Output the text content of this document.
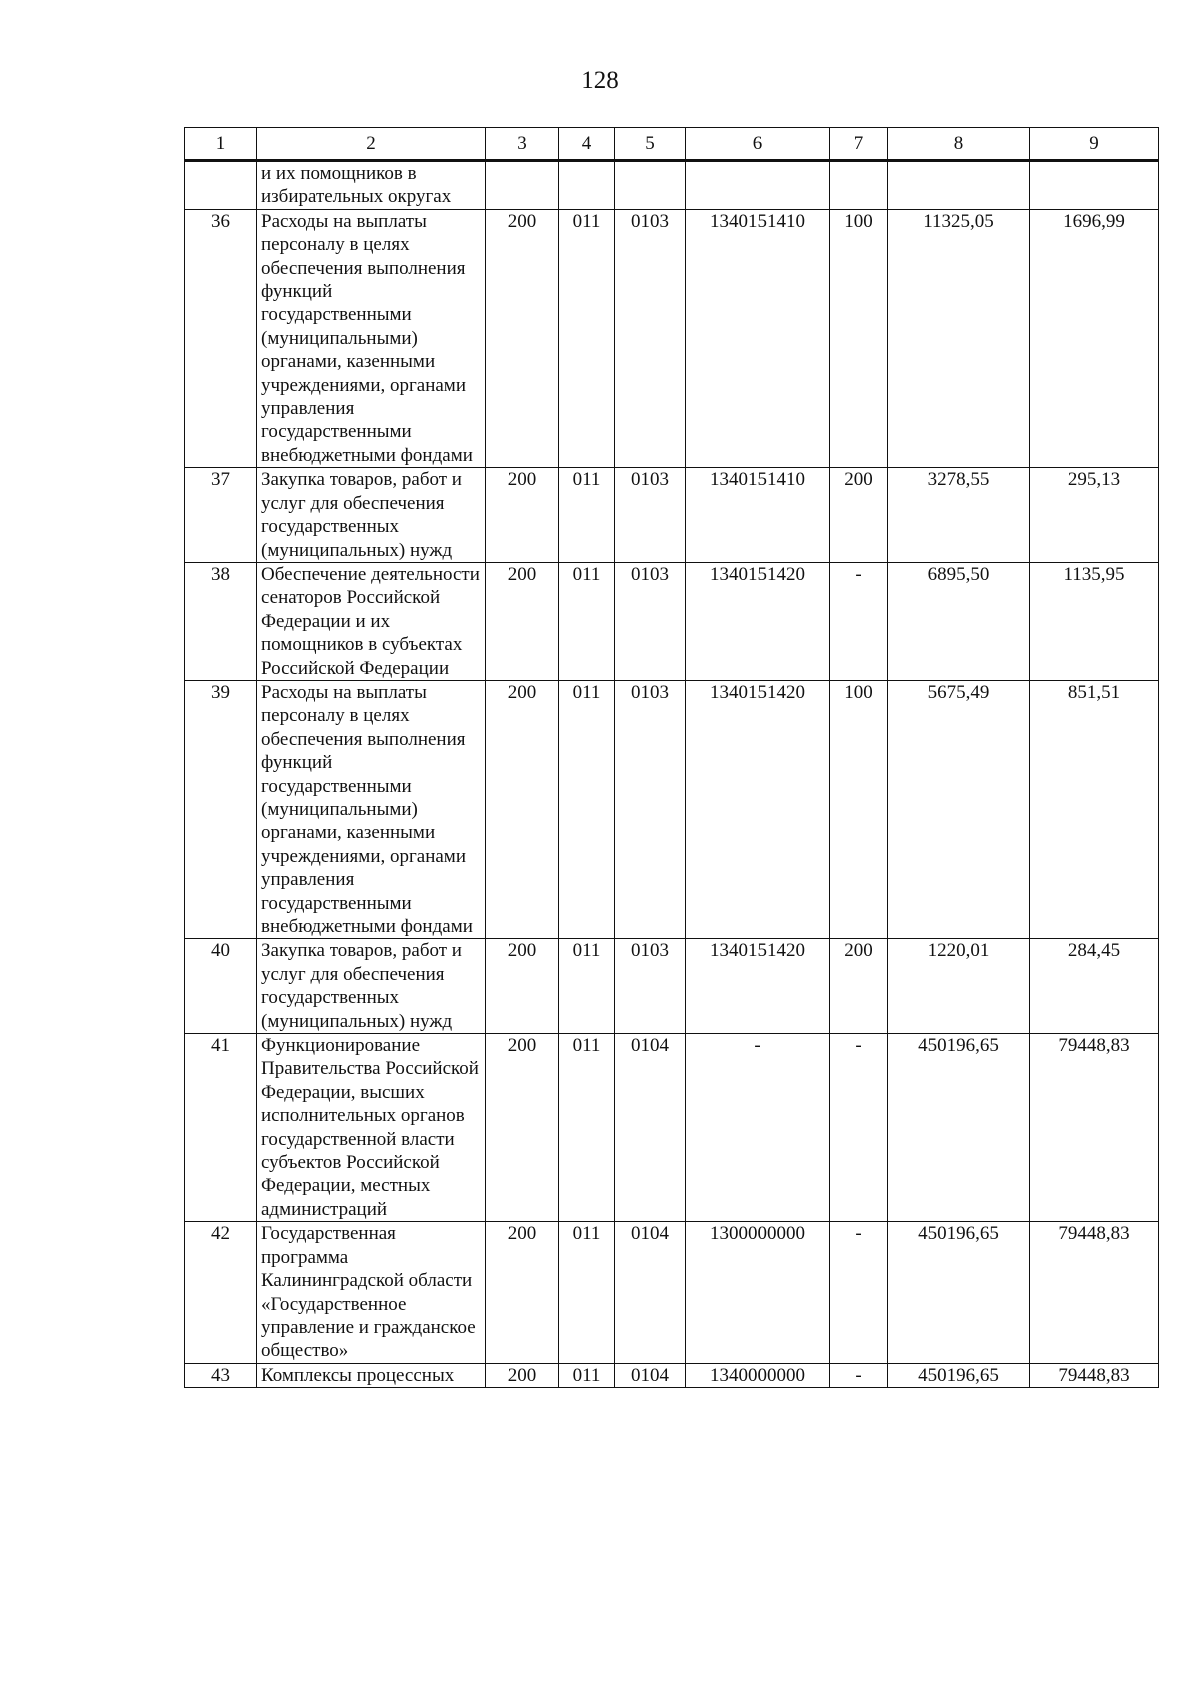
128
1	2	3	4	5	6	7	8	9
	и их помощников в избирательных округах							
36	Расходы на выплаты персоналу в целях обеспечения выполнения функций государственными (муниципальными) органами, казенными учреждениями, органами управления государственными внебюджетными фондами	200	011	0103	1340151410	100	11325,05	1696,99
37	Закупка товаров, работ и услуг для обеспечения государственных (муниципальных) нужд	200	011	0103	1340151410	200	3278,55	295,13
38	Обеспечение деятельности сенаторов Российской Федерации и их помощников в субъектах Российской Федерации	200	011	0103	1340151420	-	6895,50	1135,95
39	Расходы на выплаты персоналу в целях обеспечения выполнения функций государственными (муниципальными) органами, казенными учреждениями, органами управления государственными внебюджетными фондами	200	011	0103	1340151420	100	5675,49	851,51
40	Закупка товаров, работ и услуг для обеспечения государственных (муниципальных) нужд	200	011	0103	1340151420	200	1220,01	284,45
41	Функционирование Правительства Российской Федерации, высших исполнительных органов государственной власти субъектов Российской Федерации, местных администраций	200	011	0104	-	-	450196,65	79448,83
42	Государственная программа Калининградской области «Государственное управление и гражданское общество»	200	011	0104	1300000000	-	450196,65	79448,83
43	Комплексы процессных	200	011	0104	1340000000	-	450196,65	79448,83
